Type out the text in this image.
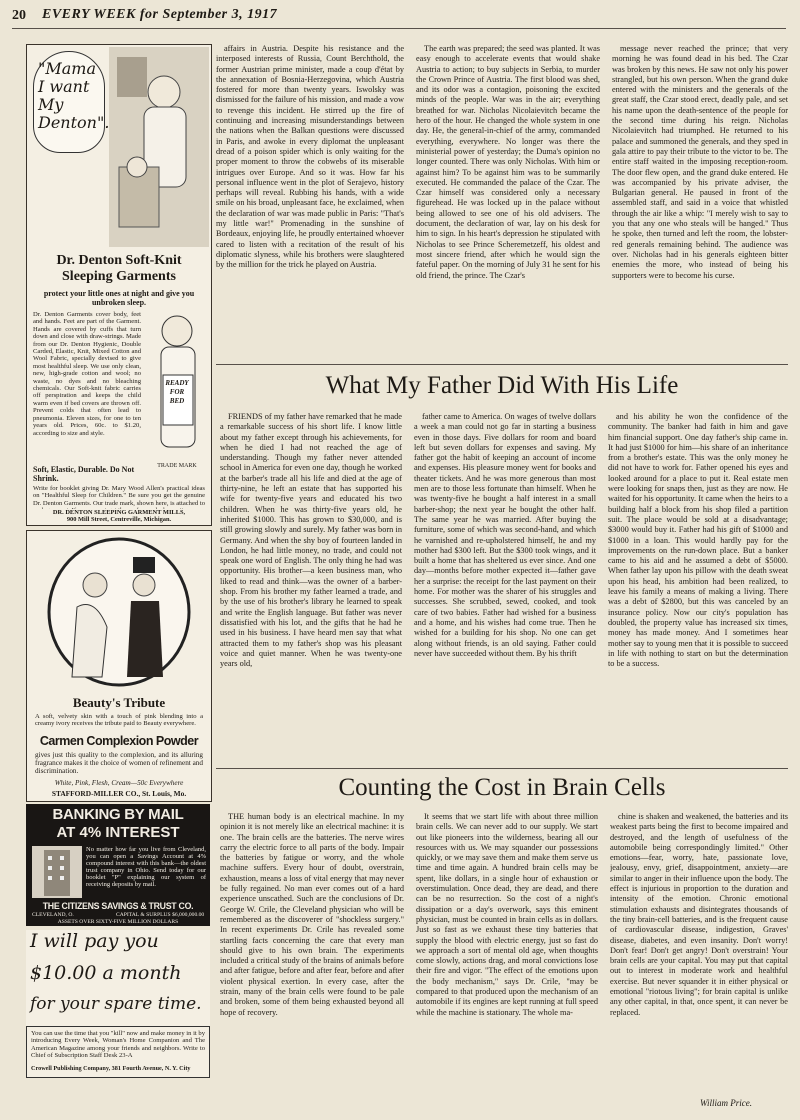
20 EVERY WEEK for September 3, 1917
"Mama I want My Denton".
Dr. Denton Soft-Knit Sleeping Garments
protect your little ones at night and give you unbroken sleep.
Dr. Denton Garments cover body, feet and hands. Feet are part of the Garment. Hands are covered by cuffs that turn down and close with draw-strings. Made from our Dr. Denton Hygienic, Double Carded, Elastic, Knit, Mixed Cotton and Wool Fabric, specially devised to give most healthful sleep. We use only clean, new, high-grade cotton and wool; no waste, no dyes and no bleaching chemicals. Our Soft-knit fabric carries off perspiration and keeps the child warm even if bed covers are thrown off. Prevent colds that often lead to pneumonia. Eleven sizes, for one to ten years old. Prices, 60c. to $1.20, according to size and style.
READY FOR BED
TRADE MARK
Soft, Elastic, Durable. Do Not Shrink.
Write for booklet giving Dr. Mary Wood Allen's practical ideas on "Healthful Sleep for Children." Be sure you get the genuine Dr. Denton Garments. Our trade mark, shown here, is attached to
DR. DENTON SLEEPING GARMENT MILLS,
900 Mill Street, Centreville, Michigan.
Beauty's Tribute
A soft, velvety skin with a touch of pink blending into a creamy ivory receives the tribute paid to Beauty everywhere.
Carmen Complexion Powder
gives just this quality to the complexion, and its alluring fragrance makes it the choice of women of refinement and discrimination.
White, Pink, Flesh, Cream—50c Everywhere
STAFFORD-MILLER CO., St. Louis, Mo.
BANKING BY MAIL
AT 4% INTEREST
No matter how far you live from Cleveland, you can open a Savings Account at 4% compound interest with this bank—the oldest trust company in Ohio. Send today for our booklet "P" explaining our system of receiving deposits by mail.
THE CITIZENS SAVINGS & TRUST CO.
CLEVELAND, O.	CAPITAL & SURPLUS $6,000,000.00
ASSETS OVER SIXTY-FIVE MILLION DOLLARS
I will pay you
$10.00 a month
for your spare time.
You can use the time that you "kill" now and make money in it by introducing Every Week, Woman's Home Companion and The American Magazine among your friends and neighbors. Write to Chief of Subscription Staff Desk 23-A
Crowell Publishing Company, 381 Fourth Avenue, N. Y. City

affairs in Austria. Despite his resistance and the interposed interests of Russia, Count Berchthold, the former Austrian prime minister, made a coup d'état by the annexation of Bosnia-Herzegovina, which Austria fostered for more than twenty years. Iswolsky was dismissed for the failure of his mission, and made a vow to revenge this incident. He stirred up the fire of continuing and increasing misunderstandings between the nations when the Balkan questions were discussed in Paris, and awoke in every diplomat the unpleasant dread of a poison spider which is only waiting for the proper moment to throw the cobwebs of its miserable intrigues over Europe. And so it was. How far his personal influence went in the plot of Serajevo, history perhaps will reveal. Rubbing his hands, with a wide smile on his broad, unpleasant face, he exclaimed, when the declaration of war was made public in Paris: "That's my little war!" Promenading in the sunshine of Bordeaux, enjoying life, he proudly entertained whoever cared to listen with a recitation of the result of his diplomatic slyness, while his brothers were slaughtered by the million for the trick he played on Austria.

The earth was prepared; the seed was planted. It was easy enough to accelerate events that would shake Austria to action; to buy subjects in Serbia, to murder the Crown Prince of Austria. The first blood was shed, and its odor was a contagion, poisoning the excited minds of the people. War was in the air; everything breathed for war. Nicholas Nicolaievitch became the hero of the hour. He changed the whole system in one day. He, the general-in-chief of the army, commanded everything, everywhere. No longer was there the ministerial power of yesterday; the Duma's opinion no longer counted. There was only Nicholas. With him or against him? To be against him was to be summarily executed. He commanded the palace of the Czar. The Czar himself was considered only a necessary figurehead. He was locked up in the palace without being allowed to see one of his old advisers. The document, the declaration of war, lay on his desk for him to sign. In his heart's depression he stipulated with Nicholas to see Prince Scheremetzeff, his oldest and most sincere friend, after which he would sign the fateful paper. On the morning of July 31 he sent for his old friend, the prince. The Czar's

message never reached the prince; that very morning he was found dead in his bed. The Czar was broken by this news. He saw not only his power strangled, but his own person. When the grand duke entered with the ministers and the generals of the great staff, the Czar stood erect, deadly pale, and set his name upon the death-sentence of the people for the second time during his reign. Nicholas Nicolaievitch had triumphed. He returned to his palace and summoned the generals, and they sped in gala attire to pay their tribute to the victor to be. The entire staff waited in the imposing reception-room. The door flew open, and the grand duke entered. He was accompanied by his private adviser, the Bulgarian general. He paused in front of the assembled staff, and said in a voice that whistled through the air like a whip: "I merely wish to say to you that any one who steals will be hanged." Thus he spoke, then turned and left the room, the lobster-red generals remaining behind. The audience was over. Nicholas had in his generals eighteen bitter enemies the more, who instead of being his supporters were to become his curse.

What My Father Did With His Life

FRIENDS of my father have remarked that he made a remarkable success of his short life. I know little about my father except through his achievements, for when he died I had not reached the age of understanding. Though my father never attended school in America for even one day, though he worked at the barber's trade all his life and died at the age of thirty-nine, he left an estate that has supported his wife for twenty-five years and educated his two children. When he was thirty-five years old, he inherited $1000. This has grown to $30,000, and is still growing slowly and surely. My father was born in Germany. And when the shy boy of fourteen landed in London, he had little money, no trade, and could not speak one word of English. The only thing he had was opportunity. His brother—a keen business man, who liked to read and think—was the owner of a barber-shop. From his brother my father learned a trade, and by the use of his brother's library he learned to speak and write the English language. But father was never dissatisfied with his lot, and the gifts that he had he used in his business. I have heard men say that what attracted them to my father's shop was his pleasant voice and quiet manner. When he was twenty-one years old,

father came to America. On wages of twelve dollars a week a man could not go far in starting a business even in those days. Five dollars for room and board left but seven dollars for expenses and saving. My father got the habit of keeping an account of income and expenses. His pleasure money went for books and theater tickets. And he was more generous than most men are to those less fortunate than himself. When he was twenty-five he bought a half interest in a small barber-shop; the next year he bought the other half. The same year he was married. After buying the furniture, some of which was second-hand, and which he varnished and re-upholstered himself, he and my mother had $300 left. But the $300 took wings, and it built a home that has sheltered us ever since. And one day—months before mother expected it—father gave her a surprise: the receipt for the last payment on their home. For mother was the sharer of his struggles and successes. She scrubbed, sewed, cooked, and took care of two babies. Father had wished for a business and a home, and his wishes had come true. Then he wished for a building for his shop. No one can get along without friends, is an old saying. Father could never have succeeded without them. By his thrift

and his ability he won the confidence of the community. The banker had faith in him and gave him financial support. One day father's ship came in. It had just $1000 for him—his share of an inheritance from a brother's estate. This was the only money he did not have to work for. Father opened his eyes and looked around for a place to put it. Real estate men were looking for snaps then, just as they are now. He waited for his opportunity. It came when the heirs to a building half a block from his shop filed a partition suit. The place would be sold at a disadvantage; $3000 would buy it. Father had his gift of $1000 and $1000 in a loan. This would hardly pay for the improvements on the run-down place. But a banker came to his aid and he assumed a debt of $5000. When father lay upon his pillow with the death sweat upon his head, his ambition had been realized, to leave his family a means of making a living. There was a debt of $2800, but this was canceled by an insurance policy. Now our city's population has doubled, the property value has increased six times, money has made money. And I sometimes hear mother say to young men that it is possible to succeed in life with nothing to start on but the determination to be a success.

Counting the Cost in Brain Cells

THE human body is an electrical machine. In my opinion it is not merely like an electrical machine: it is one. The brain cells are the batteries. The nerve wires carry the electric force to all parts of the body. Impair the batteries by fatigue or worry, and the whole machine suffers. Every hour of doubt, overstrain, exhaustion, means a loss of vital energy that may never be fully regained. No man ever comes out of a hard experience unscathed. Such are the conclusions of Dr. George W. Crile, the Cleveland physician who will be remembered as the discoverer of "shockless surgery." In recent experiments Dr. Crile has revealed some startling facts concerning the care that every man should give to his own brain. The experiments included a critical study of the brains of animals before and after fatigue, before and after fear, before and after violent physical exertion. In every case, after the strain, many of the brain cells were found to be pale and broken, some of them being exhausted beyond all hope of recovery.

It seems that we start life with about three million brain cells. We can never add to our supply. We start out like pioneers into the wilderness, bearing all our resources with us. We may squander our possessions quickly, or we may save them and make them serve us time and time again. A hundred brain cells may be spent, like dollars, in a single hour of exhaustion or overstimulation. Once dead, they are dead, and there can be no resurrection. So the cost of a night's dissipation or a day's overwork, says this eminent physician, must be counted in brain cells as in dollars. Just so fast as we exhaust these tiny batteries that supply the blood with electric energy, just so fast do we approach a sort of mental old age, when thoughts come slowly, actions drag, and moral convictions lose their fire and vigor. "The effect of the emotions upon the body mechanism," says Dr. Crile, "may be compared to that produced upon the mechanism of an automobile if its engines are kept running at full speed while the machine is stationary. The whole ma-

chine is shaken and weakened, the batteries and its weakest parts being the first to become impaired and destroyed, and the length of usefulness of the automobile being correspondingly limited." Other emotions—fear, worry, hate, passionate love, jealousy, envy, grief, disappointment, anxiety—are similar to anger in their influence upon the body. The effect is injurious in proportion to the duration and intensity of the emotion. Chronic emotional stimulation exhausts and disintegrates thousands of the tiny brain-cell batteries, and is the frequent cause of cardiovascular disease, indigestion, Graves' disease, diabetes, and even insanity. Don't worry! Don't fear! Don't get angry! Don't overstrain! Your brain cells are your capital. You may put that capital out to interest in moderate work and healthful exercise. But never squander it in either physical or emotional "riotous living"; for brain capital is unlike any other capital, in that, once spent, it can never be replaced.

William Price.
